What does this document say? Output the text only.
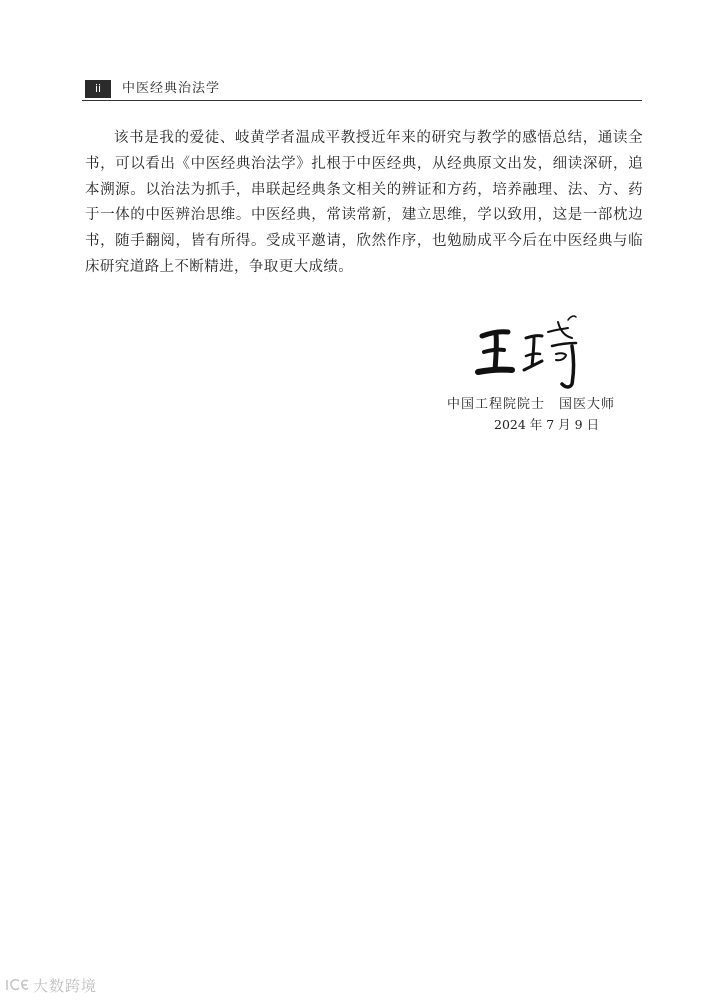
ii	中医经典治法学
该书是我的爱徒、岐黄学者温成平教授近年来的研究与教学的感悟总结，通读全书，可以看出《中医经典治法学》扎根于中医经典，从经典原文出发，细读深研，追本溯源。以治法为抓手，串联起经典条文相关的辨证和方药，培养融理、法、方、药于一体的中医辨治思维。中医经典，常读常新，建立思维，学以致用，这是一部枕边书，随手翻阅，皆有所得。受成平邀请，欣然作序，也勉励成平今后在中医经典与临床研究道路上不断精进，争取更大成绩。
中国工程院院士　国医大师
2024 年 7 月 9 日
大数跨境
